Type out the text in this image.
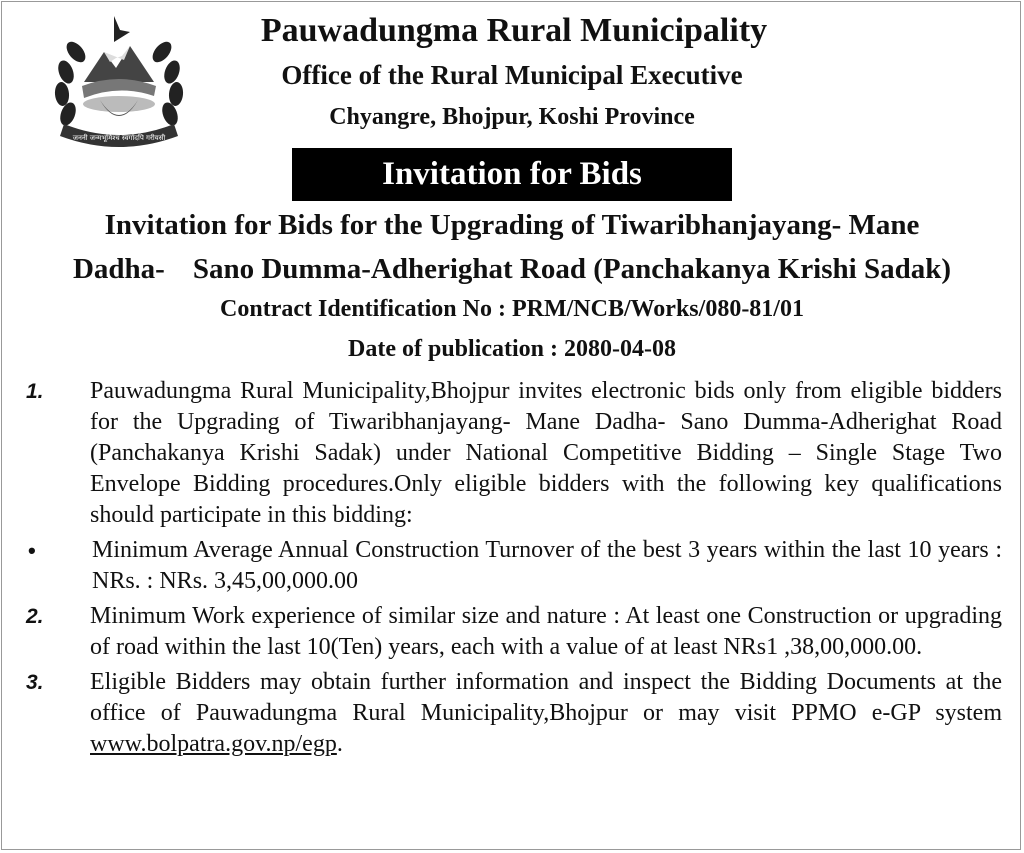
जननी जन्मभूमिश्च स्वर्गादपि गरीयसी
Pauwadungma Rural Municipality
Office of the Rural Municipal Executive
Chyangre, Bhojpur, Koshi Province
Invitation for Bids
Invitation for Bids for the Upgrading of Tiwaribhanjayang- Mane
Dadha- Sano Dumma-Adherighat Road (Panchakanya Krishi Sadak)
Contract Identification No : PRM/NCB/Works/080-81/01
Date of publication : 2080-04-08
1.	Pauwadungma Rural Municipality,Bhojpur invites electronic bids only from eligible bidders for the Upgrading of Tiwaribhanjayang- Mane Dadha- Sano Dumma-Adherighat Road (Panchakanya Krishi Sadak) under National Competitive Bidding – Single Stage Two Envelope Bidding procedures.Only eligible bidders with the following key qualifications should participate in this bidding:
•	Minimum Average Annual Construction Turnover of the best 3 years within the last 10 years : NRs. : NRs. 3,45,00,000.00
2.	Minimum Work experience of similar size and nature : At least one Construction or upgrading of road within the last 10(Ten) years, each with a value of at least NRs1 ,38,00,000.00.
3.	Eligible Bidders may obtain further information and inspect the Bidding Documents at the office of Pauwadungma Rural Municipality,Bhojpur or may visit PPMO e-GP system www.bolpatra.gov.np/egp.
